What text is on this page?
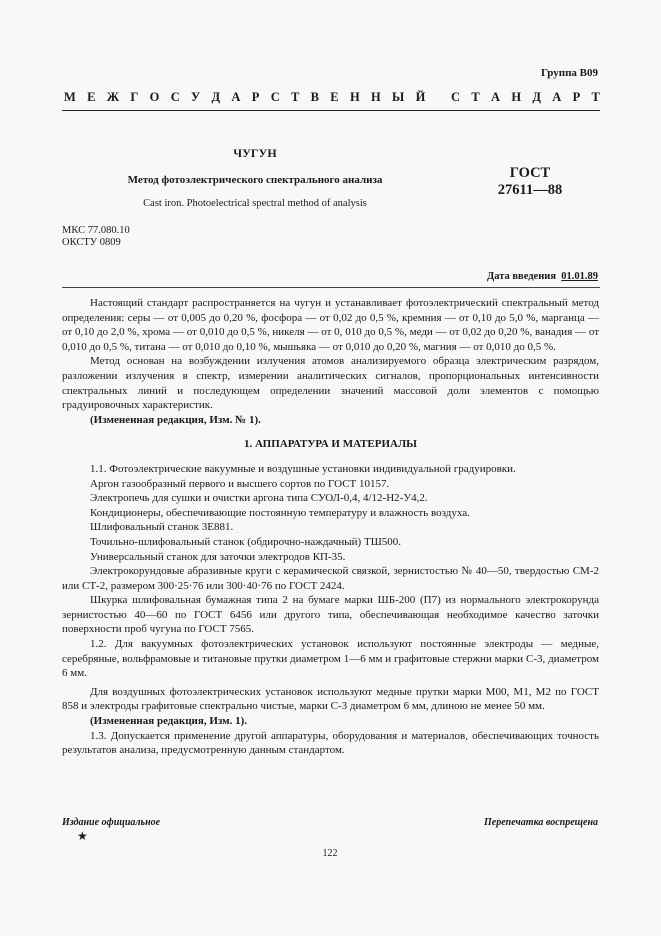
Группа В09
М Е Ж Г О С У Д А Р С Т В Е Н Н Ы Й
С Т А Н Д А Р Т
ЧУГУН
Метод фотоэлектрического спектрального анализа
Cast iron. Photoelectrical spectral method of analysis
ГОСТ
27611—88
МКС 77.080.10
ОКСТУ 0809
Дата введения 01.01.89

Настоящий стандарт распространяется на чугун и устанавливает фотоэлектрический спектральный метод определения: серы — от 0,005 до 0,20 %, фосфора — от 0,02 до 0,5 %, кремния — от 0,10 до 5,0 %, марганца — от 0,10 до 2,0 %, хрома — от 0,010 до 0,5 %, никеля — от 0, 010 до 0,5 %, меди — от 0,02 до 0,20 %, ванадия — от 0,010 до 0,5 %, титана — от 0,010 до 0,10 %, мышьяка — от 0,010 до 0,20 %, магния — от 0,010 до 0,5 %.

Метод основан на возбуждении излучения атомов анализируемого образца электрическим разрядом, разложении излучения в спектр, измерении аналитических сигналов, пропорциональных интенсивности спектральных линий и последующем определении значений массовой доли элементов с помощью градуировочных характеристик.

(Измененная редакция, Изм. № 1).

1. АППАРАТУРА И МАТЕРИАЛЫ

1.1. Фотоэлектрические вакуумные и воздушные установки индивидуальной градуировки.

Аргон газообразный первого и высшего сортов по ГОСТ 10157.

Электропечь для сушки и очистки аргона типа СУОЛ-0,4, 4/12-Н2-У4,2.

Кондиционеры, обеспечивающие постоянную температуру и влажность воздуха.

Шлифовальный станок 3Е881.

Точильно-шлифовальный станок (обдирочно-наждачный) ТШ500.

Универсальный станок для заточки электродов КП-35.

Электрокорундовые абразивные круги с керамической связкой, зернистостью № 40—50, твердостью СМ-2 или СТ-2, размером 300·25·76 или 300·40·76 по ГОСТ 2424.

Шкурка шлифовальная бумажная типа 2 на бумаге марки ШБ-200 (П7) из нормального электрокорунда зернистостью 40—60 по ГОСТ 6456 или другого типа, обеспечивающая необходимое качество заточки поверхности проб чугуна по ГОСТ 7565.

1.2. Для вакуумных фотоэлектрических установок используют постоянные электроды — медные, серебряные, вольфрамовые и титановые прутки диаметром 1—6 мм и графитовые стержни марки С-3, диаметром 6 мм.

Для воздушных фотоэлектрических установок используют медные прутки марки М00, М1, М2 по ГОСТ 858 и электроды графитовые спектрально чистые, марки С-3 диаметром 6 мм, длиною не менее 50 мм.

(Измененная редакция, Изм. 1).

1.3. Допускается применение другой аппаратуры, оборудования и материалов, обеспечивающих точность результатов анализа, предусмотренную данным стандартом.

Издание официальное
★
Перепечатка воспрещена
122
